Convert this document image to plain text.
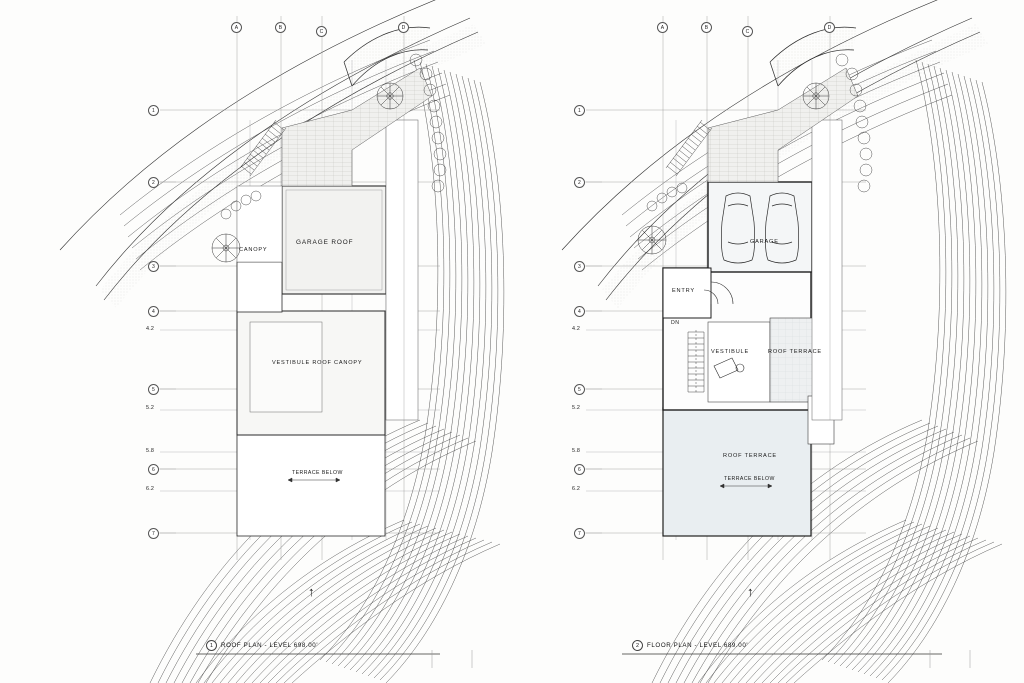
A	B
C
D
1
2
3
4
4.2
5
5.2
5.8
6
6.2
7
GARAGE ROOF
CANOPY
VESTIBULE ROOF CANOPY
TERRACE BELOW
↑
1 ROOF PLAN - LEVEL 698.00'
A	B
C
D
1
2
3
4
4.2
5
5.2
5.8
6
6.2
7
GARAGE
ENTRY
DN
VESTIBULE	ROOF TERRACE
ROOF TERRACE
TERRACE BELOW
↑
2 FLOOR PLAN - LEVEL 689.00'
